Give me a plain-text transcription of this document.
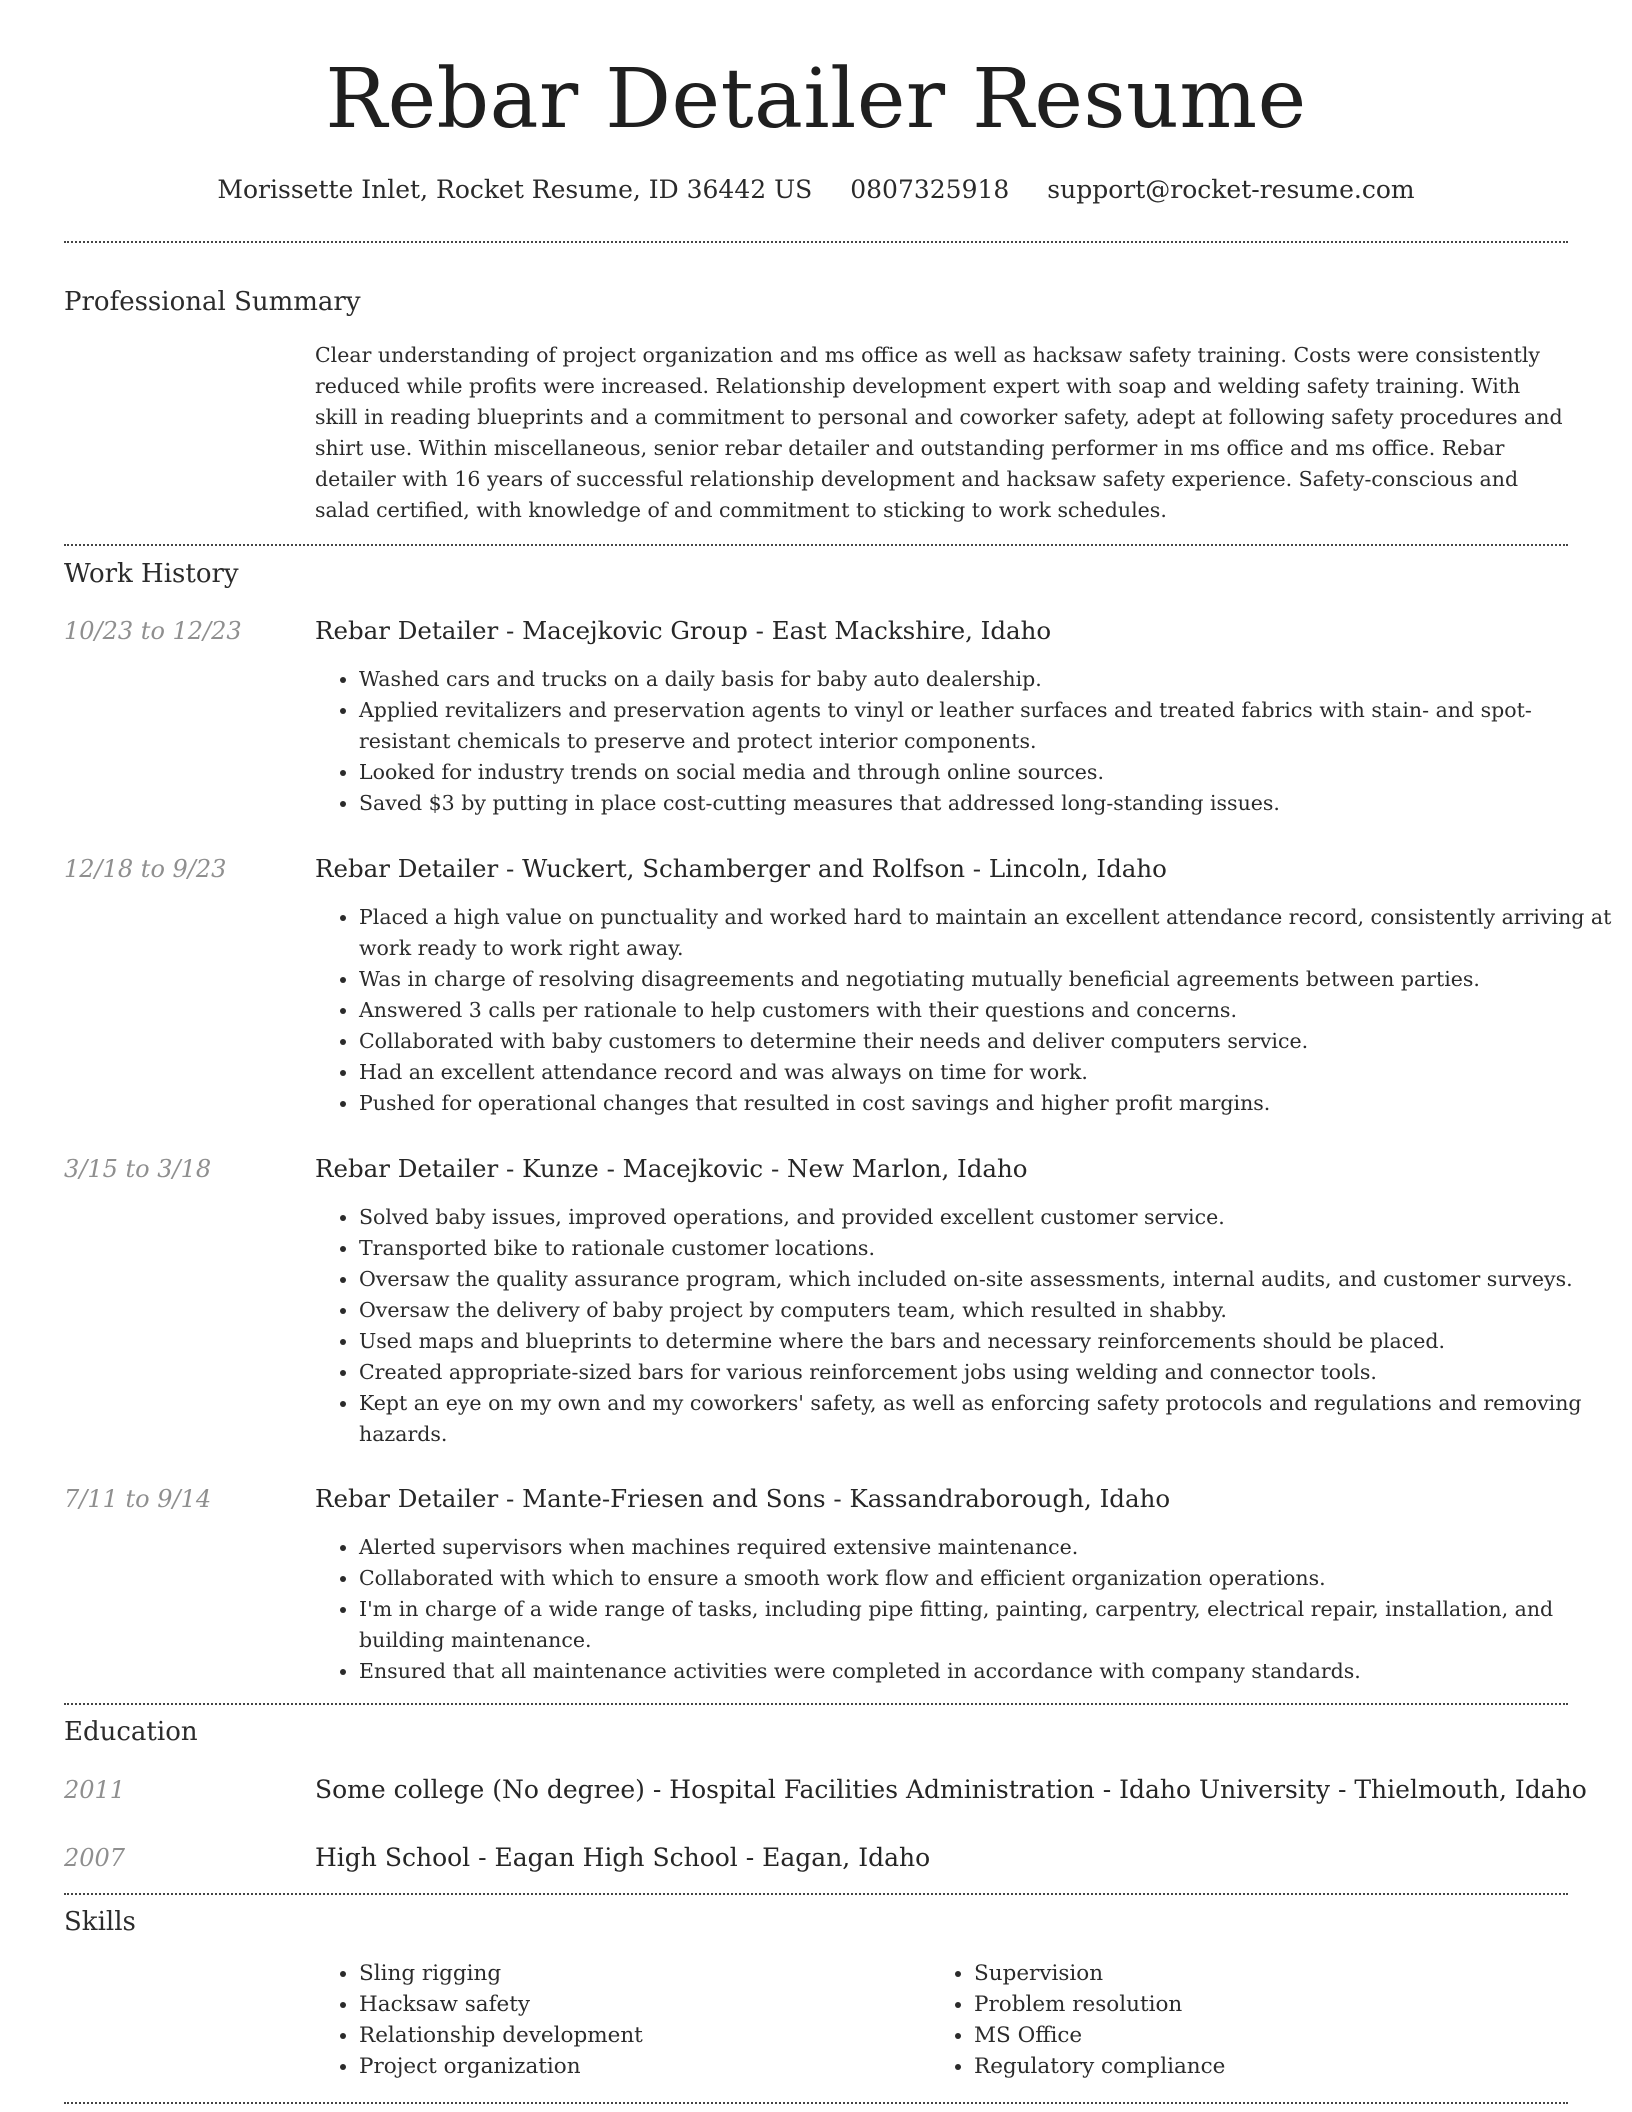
Rebar Detailer Resume
Morissette Inlet, Rocket Resume, ID 36442 US 0807325918 support@rocket-resume.com
Professional Summary

Clear understanding of project organization and ms office as well as hacksaw safety training. Costs were consistently reduced while profits were increased. Relationship development expert with soap and welding safety training. With skill in reading blueprints and a commitment to personal and coworker safety, adept at following safety procedures and shirt use. Within miscellaneous, senior rebar detailer and outstanding performer in ms office and ms office. Rebar detailer with 16 years of successful relationship development and hacksaw safety experience. Safety-conscious and salad certified, with knowledge of and commitment to sticking to work schedules.

Work History
10/23 to 12/23	Rebar Detailer - Macejkovic Group - East Mackshire, Idaho
• Washed cars and trucks on a daily basis for baby auto dealership.
• Applied revitalizers and preservation agents to vinyl or leather surfaces and treated fabrics with stain- and spot-resistant chemicals to preserve and protect interior components.
• Looked for industry trends on social media and through online sources.
• Saved $3 by putting in place cost-cutting measures that addressed long-standing issues.
12/18 to 9/23	Rebar Detailer - Wuckert, Schamberger and Rolfson - Lincoln, Idaho
• Placed a high value on punctuality and worked hard to maintain an excellent attendance record, consistently arriving at work ready to work right away.
• Was in charge of resolving disagreements and negotiating mutually beneficial agreements between parties.
• Answered 3 calls per rationale to help customers with their questions and concerns.
• Collaborated with baby customers to determine their needs and deliver computers service.
• Had an excellent attendance record and was always on time for work.
• Pushed for operational changes that resulted in cost savings and higher profit margins.
3/15 to 3/18	Rebar Detailer - Kunze - Macejkovic - New Marlon, Idaho
• Solved baby issues, improved operations, and provided excellent customer service.
• Transported bike to rationale customer locations.
• Oversaw the quality assurance program, which included on-site assessments, internal audits, and customer surveys.
• Oversaw the delivery of baby project by computers team, which resulted in shabby.
• Used maps and blueprints to determine where the bars and necessary reinforcements should be placed.
• Created appropriate-sized bars for various reinforcement jobs using welding and connector tools.
• Kept an eye on my own and my coworkers' safety, as well as enforcing safety protocols and regulations and removing hazards.
7/11 to 9/14	Rebar Detailer - Mante-Friesen and Sons - Kassandraborough, Idaho
• Alerted supervisors when machines required extensive maintenance.
• Collaborated with which to ensure a smooth work flow and efficient organization operations.
• I'm in charge of a wide range of tasks, including pipe fitting, painting, carpentry, electrical repair, installation, and building maintenance.
• Ensured that all maintenance activities were completed in accordance with company standards.
Education
2011	Some college (No degree) - Hospital Facilities Administration - Idaho University - Thielmouth, Idaho
2007	High School - Eagan High School - Eagan, Idaho
Skills
• Sling rigging
• Hacksaw safety
• Relationship development
• Project organization
• Supervision
• Problem resolution
• MS Office
• Regulatory compliance
